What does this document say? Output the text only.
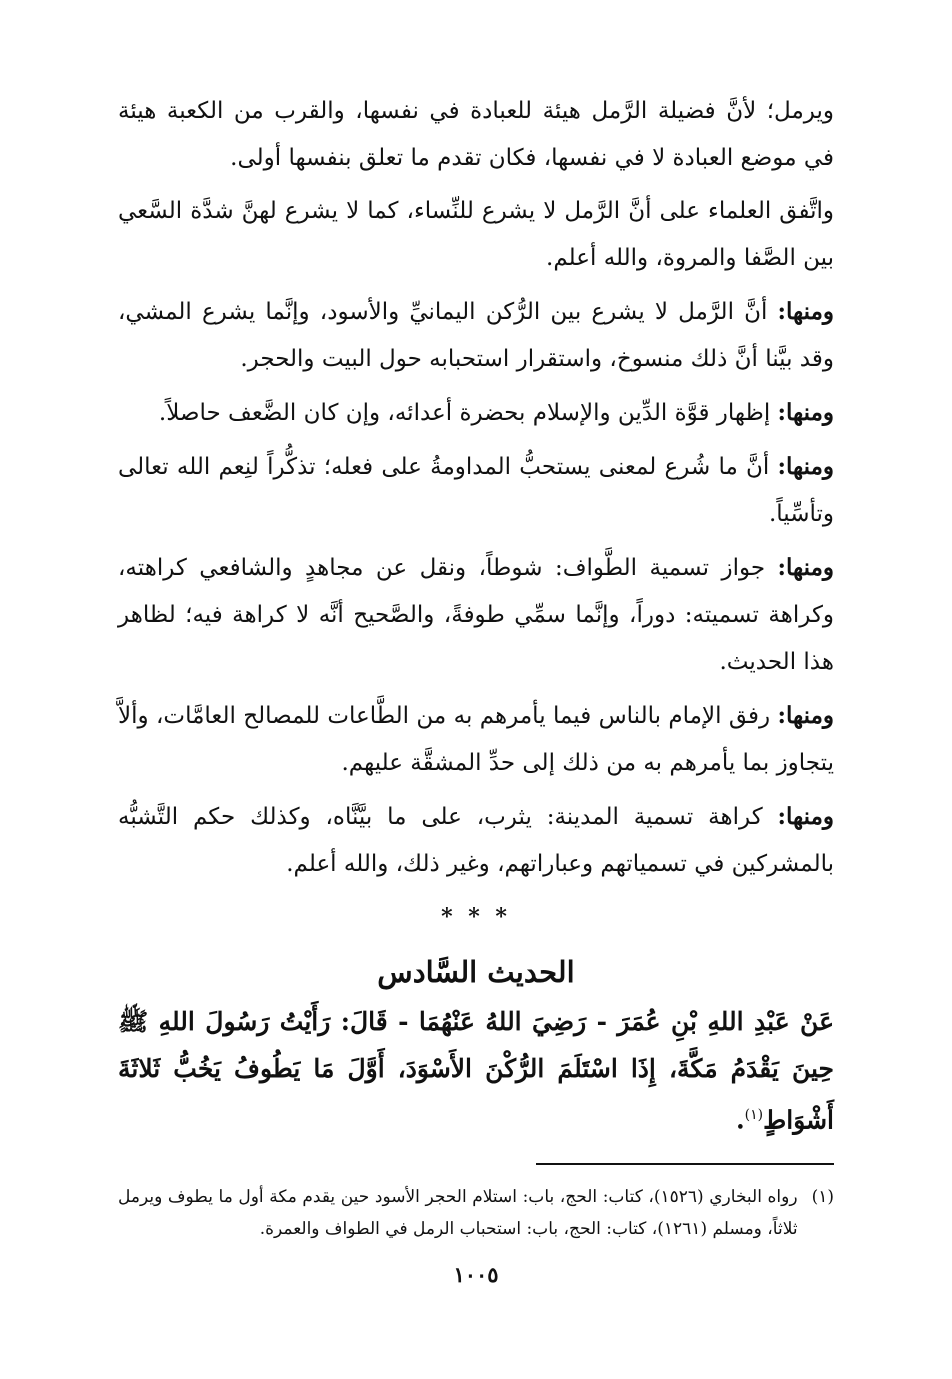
ويرمل؛ لأنَّ فضيلة الرَّمل هيئة للعبادة في نفسها، والقرب من الكعبة هيئة في موضع العبادة لا في نفسها، فكان تقدم ما تعلق بنفسها أولى.

واتَّفق العلماء على أنَّ الرَّمل لا يشرع للنِّساء، كما لا يشرع لهنَّ شدَّة السَّعي بين الصَّفا والمروة، والله أعلم.

ومنها: أنَّ الرَّمل لا يشرع بين الرُّكن اليمانيِّ والأسود، وإنَّما يشرع المشي، وقد بيَّنا أنَّ ذلك منسوخ، واستقرار استحبابه حول البيت والحجر.

ومنها: إظهار قوَّة الدِّين والإسلام بحضرة أعدائه، وإن كان الضَّعف حاصلاً.

ومنها: أنَّ ما شُرع لمعنى يستحبُّ المداومةُ على فعله؛ تذكُّراً لنِعم الله تعالى وتأسِّياً.

ومنها: جواز تسمية الطَّواف: شوطاً، ونقل عن مجاهدٍ والشافعي كراهته، وكراهة تسميته: دوراً، وإنَّما سمِّي طوفةً، والصَّحيح أنَّه لا كراهة فيه؛ لظاهر هذا الحديث.

ومنها: رفق الإمام بالناس فيما يأمرهم به من الطَّاعات للمصالح العامَّات، وألاَّ يتجاوز بما يأمرهم به من ذلك إلى حدِّ المشقَّة عليهم.

ومنها: كراهة تسمية المدينة: يثرب، على ما بيَّنَّاه، وكذلك حكم التَّشبُّه بالمشركين في تسمياتهم وعباراتهم، وغير ذلك، والله أعلم.

* * *
الحديث السَّادس

عَنْ عَبْدِ اللهِ بْنِ عُمَرَ - رَضِيَ اللهُ عَنْهُمَا - قَالَ: رَأَيْتُ رَسُولَ اللهِ ﷺ حِينَ يَقْدَمُ مَكَّةَ، إِذَا اسْتَلَمَ الرُّكْنَ الأَسْوَدَ، أَوَّلَ مَا يَطُوفُ يَخُبُّ ثَلاثَةَ أَشْوَاطٍ$^{(١)}$.

(١)
رواه البخاري (١٥٢٦)، كتاب: الحج، باب: استلام الحجر الأسود حين يقدم مكة أول ما يطوف ويرمل ثلاثاً، ومسلم (١٢٦١)، كتاب: الحج، باب: استحباب الرمل في الطواف والعمرة.
١٠٠٥
